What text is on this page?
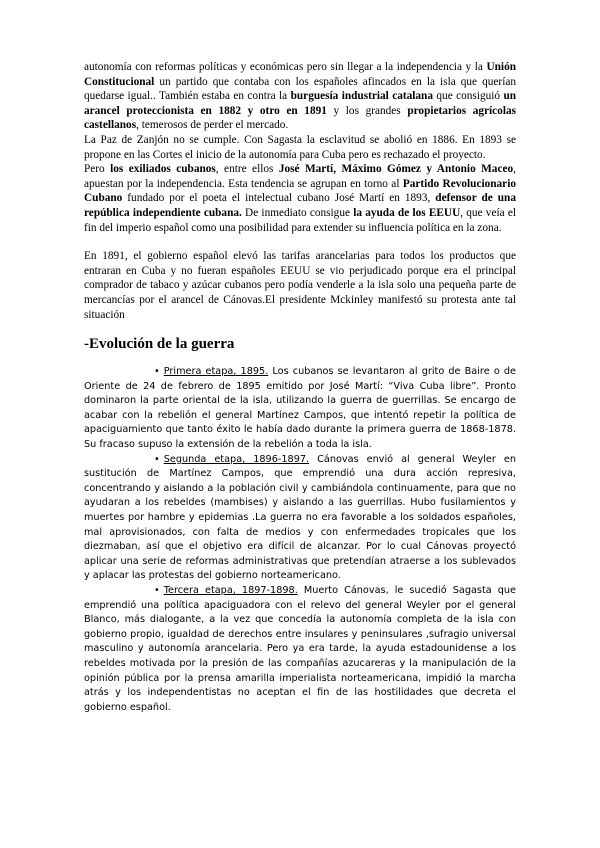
autonomía con reformas políticas y económicas pero sin llegar a la independencia y la Unión Constitucional un partido que contaba con los españoles afincados en la isla que querían quedarse igual.. También estaba en contra la burguesía industrial catalana que consiguió un arancel proteccionista en 1882 y otro en 1891 y los grandes propietarios agrícolas castellanos, temerosos de perder el mercado.

La Paz de Zanjón no se cumple. Con Sagasta la esclavitud se abolió en 1886. En 1893 se propone en las Cortes el inicio de la autonomía para Cuba pero es rechazado el proyecto.

Pero los exiliados cubanos, entre ellos José Martí, Máximo Gómez y Antonio Maceo, apuestan por la independencia. Esta tendencia se agrupan en torno al Partido Revolucionario Cubano fundado por el poeta el intelectual cubano José Martí en 1893, defensor de una república independiente cubana. De inmediato consigue la ayuda de los EEUU, que veía el fin del imperio español como una posibilidad para extender su influencia política en la zona.

En 1891, el gobierno español elevó las tarifas arancelarias para todos los productos que entraran en Cuba y no fueran españoles EEUU se vio perjudicado porque era el principal comprador de tabaco y azúcar cubanos pero podía venderle a la isla solo una pequeña parte de mercancías por el arancel de Cánovas.El presidente Mckinley manifestó su protesta ante tal situación

-Evolución de la guerra

• Primera etapa, 1895. Los cubanos se levantaron al grito de Baire o de Oriente de 24 de febrero de 1895 emitido por José Martí: “Viva Cuba libre”. Pronto dominaron la parte oriental de la isla, utilizando la guerra de guerrillas. Se encargo de acabar con la rebelión el general Martínez Campos, que intentó repetir la política de apaciguamiento que tanto éxito le había dado durante la primera guerra de 1868-1878. Su fracaso supuso la extensión de la rebelión a toda la isla.

• Segunda etapa, 1896-1897. Cánovas envió al general Weyler en sustitución de Martínez Campos, que emprendió una dura acción represiva, concentrando y aislando a la población civil y cambiándola continuamente, para que no ayudaran a los rebeldes (mambises) y aislando a las guerrillas. Hubo fusilamientos y muertes por hambre y epidemias .La guerra no era favorable a los soldados españoles, mal aprovisionados, con falta de medios y con enfermedades tropicales que los diezmaban, así que el objetivo era difícil de alcanzar. Por lo cual Cánovas proyectó aplicar una serie de reformas administrativas que pretendían atraerse a los sublevados y aplacar las protestas del gobierno norteamericano.

• Tercera etapa, 1897-1898. Muerto Cánovas, le sucedió Sagasta que emprendió una política apaciguadora con el relevo del general Weyler por el general Blanco, más dialogante, a la vez que concedía la autonomía completa de la isla con gobierno propio, igualdad de derechos entre insulares y peninsulares ,sufragio universal masculino y autonomía arancelaria. Pero ya era tarde, la ayuda estadounidense a los rebeldes motivada por la presión de las compañías azucareras y la manipulación de la opinión pública por la prensa amarilla imperialista norteamericana, impidió la marcha atrás y los independentistas no aceptan el fin de las hostilidades que decreta el gobierno español.
